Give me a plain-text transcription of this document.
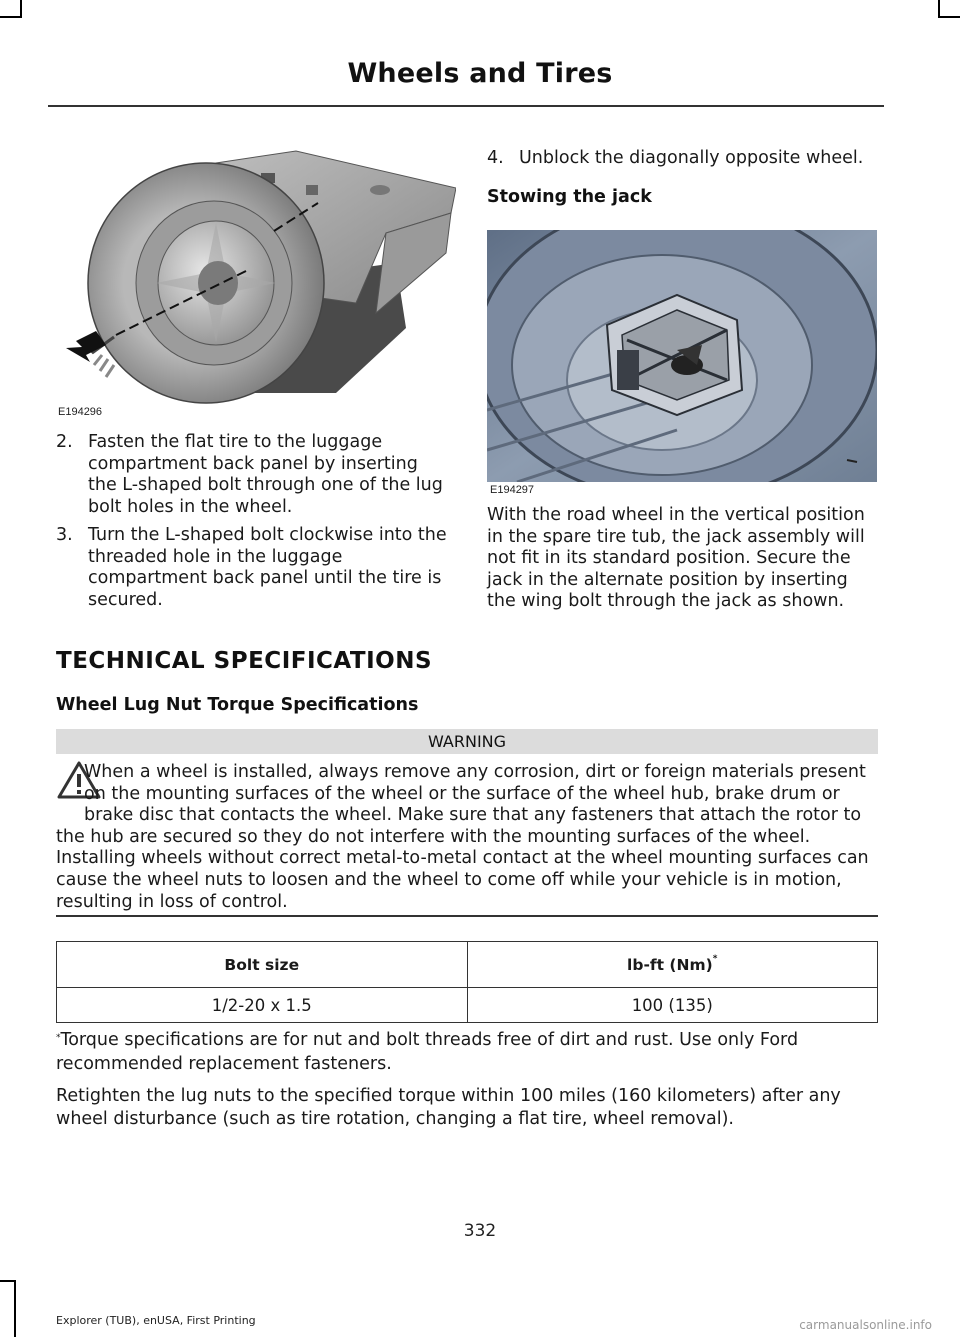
Wheels and Tires
E194296
E194297
2. Fasten the flat tire to the luggage compartment back panel by inserting the L-shaped bolt through one of the lug bolt holes in the wheel.
3. Turn the L-shaped bolt clockwise into the threaded hole in the luggage compartment back panel until the tire is secured.
4. Unblock the diagonally opposite wheel.
Stowing the jack
With the road wheel in the vertical position in the spare tire tub, the jack assembly will not fit in its standard position. Secure the jack in the alternate position by inserting the wing bolt through the jack as shown.
TECHNICAL SPECIFICATIONS
Wheel Lug Nut Torque Specifications
WARNING
When a wheel is installed, always remove any corrosion, dirt or foreign materials present on the mounting surfaces of the wheel or the surface of the wheel hub, brake drum or brake disc that contacts the wheel. Make sure that any fasteners that attach the rotor to the hub are secured so they do not interfere with the mounting surfaces of the wheel. Installing wheels without correct metal-to-metal contact at the wheel mounting surfaces can cause the wheel nuts to loosen and the wheel to come off while your vehicle is in motion, resulting in loss of control.
Bolt size	lb-ft (Nm)*
1/2-20 x 1.5	100 (135)
*Torque specifications are for nut and bolt threads free of dirt and rust. Use only Ford recommended replacement fasteners.
Retighten the lug nuts to the specified torque within 100 miles (160 kilometers) after any wheel disturbance (such as tire rotation, changing a flat tire, wheel removal).
332
Explorer (TUB), enUSA, First Printing	carmanualsonline.info
